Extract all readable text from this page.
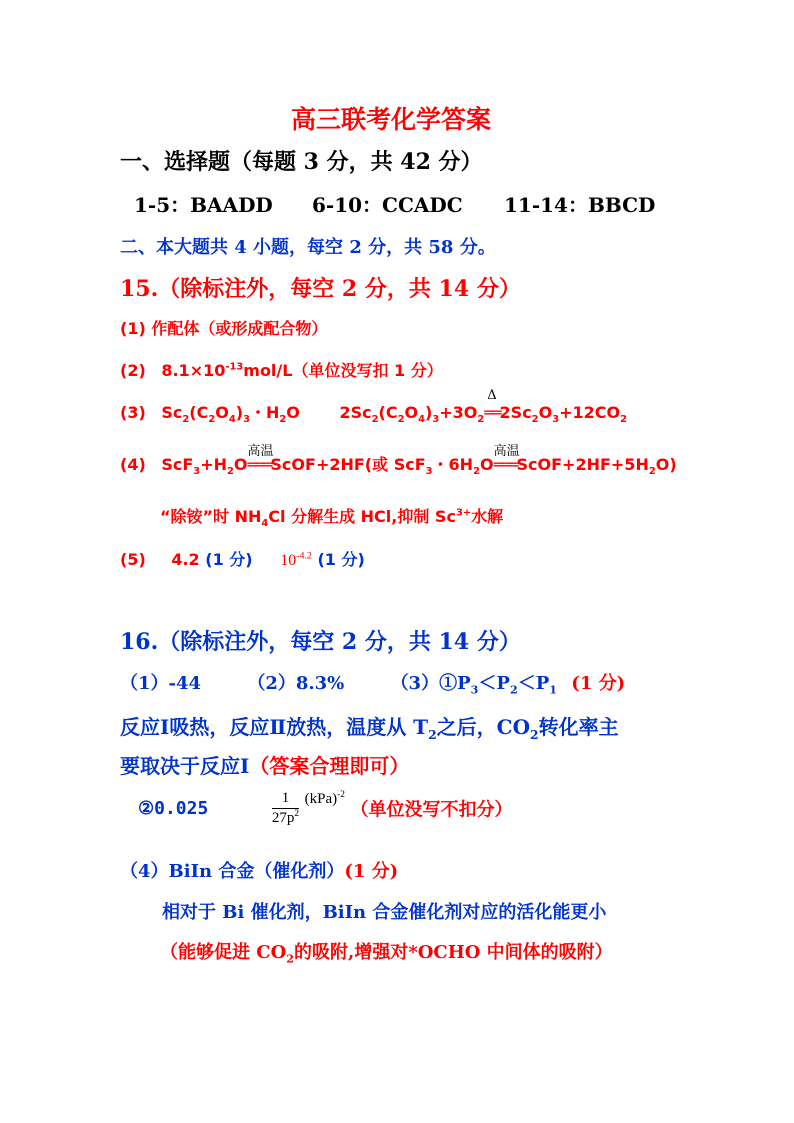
高三联考化学答案
一、选择题（每题 3 分，共 42 分）
1-5：BAADD 6-10：CCADC 11-14：BBCD
二、本大题共 4 小题，每空 2 分，共 58 分。
15.（除标注外，每空 2 分，共 14 分）
(1) 作配体（或形成配合物）
(2) $8.1\times 10^{-13}mol/L$（单位没写扣 1 分）
(3) $Sc_2(C_2O_4)_3$・$H_2O$ $2Sc_2(C_2O_4)_3+3O_2$
Δ
$══2Sc_2O_3+12CO_2$
(4) $ScF_3+H_2O$
高温
═══ScOF+2HF(或 ScF$_3$・$6H_2O$
高温
$═══ScOF+2HF+5H_2O$)
“除铵”时 $NH_4Cl$ 分解生成 HCl,抑制 $Sc^{3+}$水解
(5) 4.2 (1 分) $10^{-4.2}$ (1 分)
16.（除标注外，每空 2 分，共 14 分）
（1）-44	（2）8.3%	$(3)①P_3<P_2<P_1$ (1 分)
反应Ⅰ吸热，反应Ⅱ放热，温度从 $T_2$之后，$CO_2$转化率主
要取决于反应Ⅰ（答案合理即可）
②0.025	$\frac{1}{27p^2} (kPa)^{-2}$ （单位没写不扣分）
（4）BiIn 合金（催化剂）(1 分)
相对于 Bi 催化剂，BiIn 合金催化剂对应的活化能更小
（能够促进 $CO_2$的吸附,增强对*OCHO 中间体的吸附）
